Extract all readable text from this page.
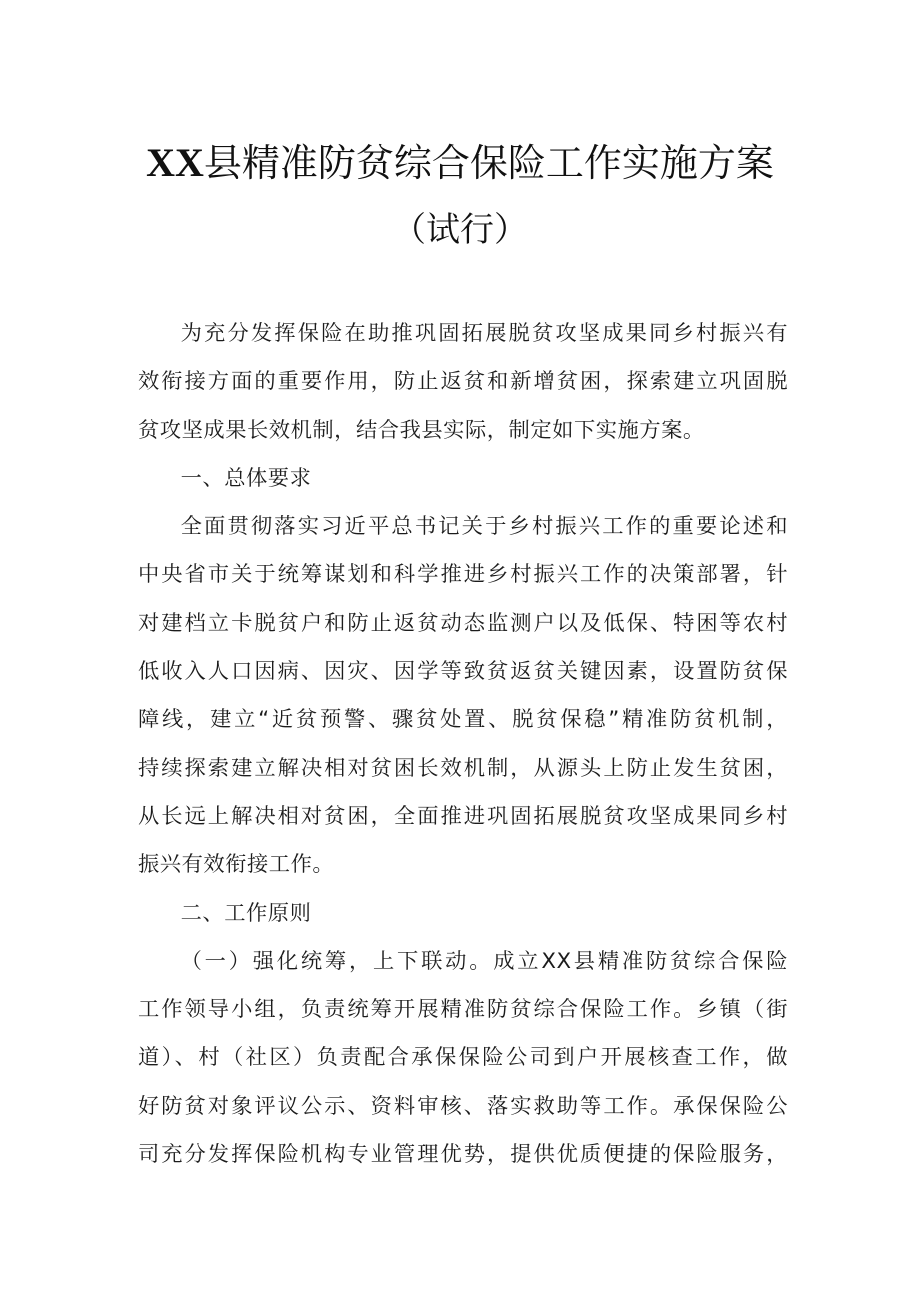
XX县精准防贫综合保险工作实施方案
（试行）
为充分发挥保险在助推巩固拓展脱贫攻坚成果同乡村振兴有
效衔接方面的重要作用，防止返贫和新增贫困，探索建立巩固脱
贫攻坚成果长效机制，结合我县实际，制定如下实施方案。
一、总体要求
全面贯彻落实习近平总书记关于乡村振兴工作的重要论述和
中央省市关于统筹谋划和科学推进乡村振兴工作的决策部署，针
对建档立卡脱贫户和防止返贫动态监测户以及低保、特困等农村
低收入人口因病、因灾、因学等致贫返贫关键因素，设置防贫保
障线，建立“近贫预警、骤贫处置、脱贫保稳”精准防贫机制，
持续探索建立解决相对贫困长效机制，从源头上防止发生贫困，
从长远上解决相对贫困，全面推进巩固拓展脱贫攻坚成果同乡村
振兴有效衔接工作。
二、工作原则
（一）强化统筹，上下联动。成立XX县精准防贫综合保险
工作领导小组，负责统筹开展精准防贫综合保险工作。乡镇（街
道）、村（社区）负责配合承保保险公司到户开展核查工作，做
好防贫对象评议公示、资料审核、落实救助等工作。承保保险公
司充分发挥保险机构专业管理优势，提供优质便捷的保险服务，
